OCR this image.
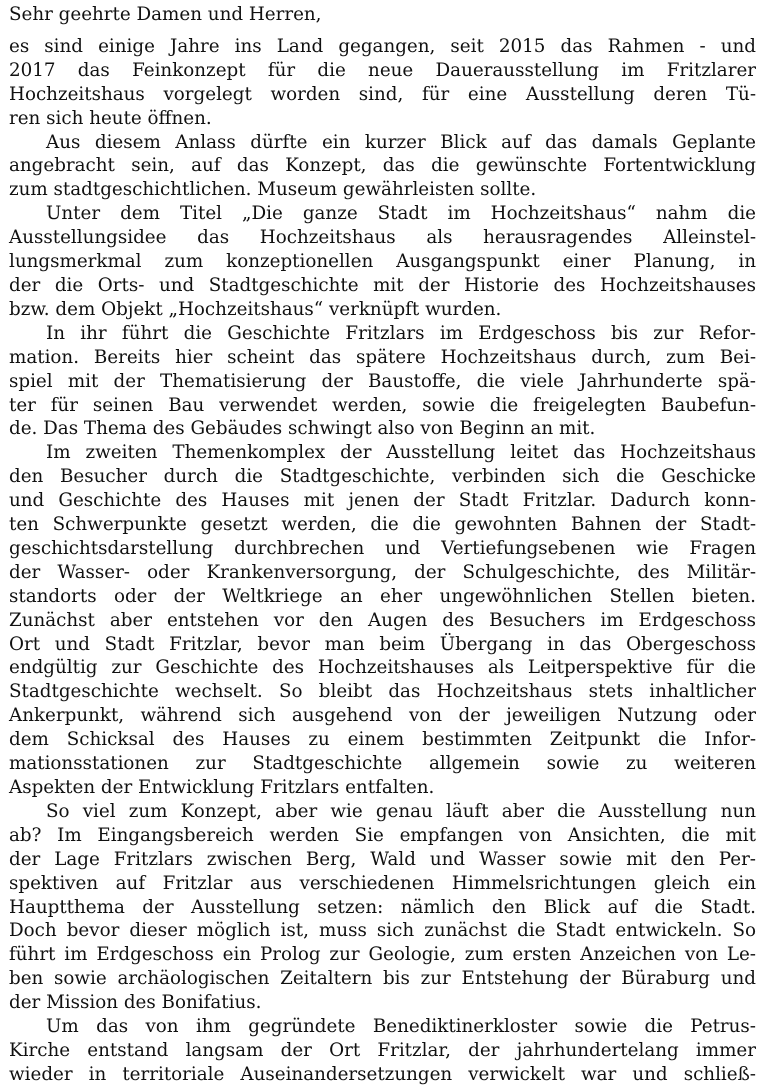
Sehr geehrte Damen und Herren,

es sind einige Jahre ins Land gegangen, seit 2015 das Rahmen - und
2017 das Feinkonzept für die neue Dauerausstellung im Fritzlarer
Hochzeitshaus vorgelegt worden sind, für eine Ausstellung deren Tü-
ren sich heute öffnen.

Aus diesem Anlass dürfte ein kurzer Blick auf das damals Geplante
angebracht sein, auf das Konzept, das die gewünschte Fortentwicklung
zum stadtgeschichtlichen. Museum gewährleisten sollte.

Unter dem Titel „Die ganze Stadt im Hochzeitshaus“ nahm die
Ausstellungsidee das Hochzeitshaus als herausragendes Alleinstel-
lungsmerkmal zum konzeptionellen Ausgangspunkt einer Planung, in
der die Orts- und Stadtgeschichte mit der Historie des Hochzeitshauses
bzw. dem Objekt „Hochzeitshaus“ verknüpft wurden.

In ihr führt die Geschichte Fritzlars im Erdgeschoss bis zur Refor-
mation. Bereits hier scheint das spätere Hochzeitshaus durch, zum Bei-
spiel mit der Thematisierung der Baustoffe, die viele Jahrhunderte spä-
ter für seinen Bau verwendet werden, sowie die freigelegten Baubefun-
de. Das Thema des Gebäudes schwingt also von Beginn an mit.

Im zweiten Themenkomplex der Ausstellung leitet das Hochzeitshaus
den Besucher durch die Stadtgeschichte, verbinden sich die Geschicke
und Geschichte des Hauses mit jenen der Stadt Fritzlar. Dadurch konn-
ten Schwerpunkte gesetzt werden, die die gewohnten Bahnen der Stadt-
geschichtsdarstellung durchbrechen und Vertiefungsebenen wie Fragen
der Wasser- oder Krankenversorgung, der Schulgeschichte, des Militär-
standorts oder der Weltkriege an eher ungewöhnlichen Stellen bieten.
Zunächst aber entstehen vor den Augen des Besuchers im Erdgeschoss
Ort und Stadt Fritzlar, bevor man beim Übergang in das Obergeschoss
endgültig zur Geschichte des Hochzeitshauses als Leitperspektive für die
Stadtgeschichte wechselt. So bleibt das Hochzeitshaus stets inhaltlicher
Ankerpunkt, während sich ausgehend von der jeweiligen Nutzung oder
dem Schicksal des Hauses zu einem bestimmten Zeitpunkt die Infor-
mationsstationen zur Stadtgeschichte allgemein sowie zu weiteren
Aspekten der Entwicklung Fritzlars entfalten.

So viel zum Konzept, aber wie genau läuft aber die Ausstellung nun
ab? Im Eingangsbereich werden Sie empfangen von Ansichten, die mit
der Lage Fritzlars zwischen Berg, Wald und Wasser sowie mit den Per-
spektiven auf Fritzlar aus verschiedenen Himmelsrichtungen gleich ein
Hauptthema der Ausstellung setzen: nämlich den Blick auf die Stadt.
Doch bevor dieser möglich ist, muss sich zunächst die Stadt entwickeln. So
führt im Erdgeschoss ein Prolog zur Geologie, zum ersten Anzeichen von Le-
ben sowie archäologischen Zeitaltern bis zur Entstehung der Büraburg und
der Mission des Bonifatius.

Um das von ihm gegründete Benediktinerkloster sowie die Petrus-
Kirche entstand langsam der Ort Fritzlar, der jahrhundertelang immer
wieder in territoriale Auseinandersetzungen verwickelt war und schließ-
